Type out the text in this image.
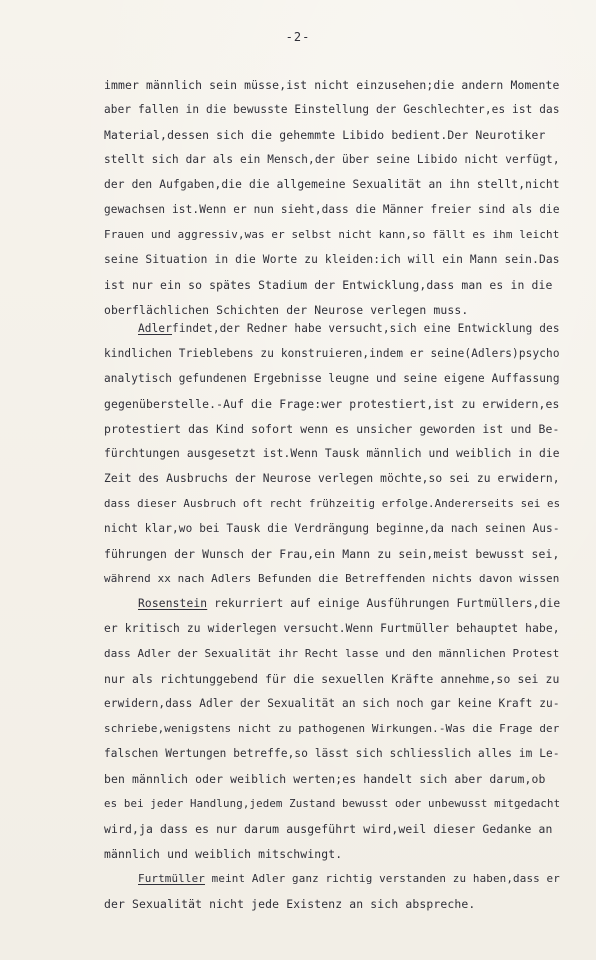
-2-
immer männlich sein müsse,ist nicht einzusehen;die andern Momente
aber fallen in die bewusste Einstellung der Geschlechter,es ist das
Material,dessen sich die gehemmte Libido bedient.Der Neurotiker
stellt sich dar als ein Mensch,der über seine Libido nicht verfügt,
der den Aufgaben,die die allgemeine Sexualität an ihn stellt,nicht
gewachsen ist.Wenn er nun sieht,dass die Männer freier sind als die
Frauen und aggressiv,was er selbst nicht kann,so fällt es ihm leicht
seine Situation in die Worte zu kleiden:ich will ein Mann sein.Das
ist nur ein so spätes Stadium der Entwicklung,dass man es in die
oberflächlichen Schichten der Neurose verlegen muss.
Adlerfindet,der Redner habe versucht,sich eine Entwicklung des
kindlichen Trieblebens zu konstruieren,indem er seine(Adlers)psycho
analytisch gefundenen Ergebnisse leugne und seine eigene Auffassung
gegenüberstelle.-Auf die Frage:wer protestiert,ist zu erwidern,es
protestiert das Kind sofort wenn es unsicher geworden ist und Be-
fürchtungen ausgesetzt ist.Wenn Tausk männlich und weiblich in die
Zeit des Ausbruchs der Neurose verlegen möchte,so sei zu erwidern,
dass dieser Ausbruch oft recht frühzeitig erfolge.Andererseits sei es
nicht klar,wo bei Tausk die Verdrängung beginne,da nach seinen Aus-
führungen der Wunsch der Frau,ein Mann zu sein,meist bewusst sei,
während xx nach Adlers Befunden die Betreffenden nichts davon wissen
Rosenstein rekurriert auf einige Ausführungen Furtmüllers,die
er kritisch zu widerlegen versucht.Wenn Furtmüller behauptet habe,
dass Adler der Sexualität ihr Recht lasse und den männlichen Protest
nur als richtunggebend für die sexuellen Kräfte annehme,so sei zu
erwidern,dass Adler der Sexualität an sich noch gar keine Kraft zu-
schriebe,wenigstens nicht zu pathogenen Wirkungen.-Was die Frage der
falschen Wertungen betreffe,so lässt sich schliesslich alles im Le-
ben männlich oder weiblich werten;es handelt sich aber darum,ob
es bei jeder Handlung,jedem Zustand bewusst oder unbewusst mitgedacht
wird,ja dass es nur darum ausgeführt wird,weil dieser Gedanke an
männlich und weiblich mitschwingt.
Furtmüller meint Adler ganz richtig verstanden zu haben,dass er
der Sexualität nicht jede Existenz an sich abspreche.
